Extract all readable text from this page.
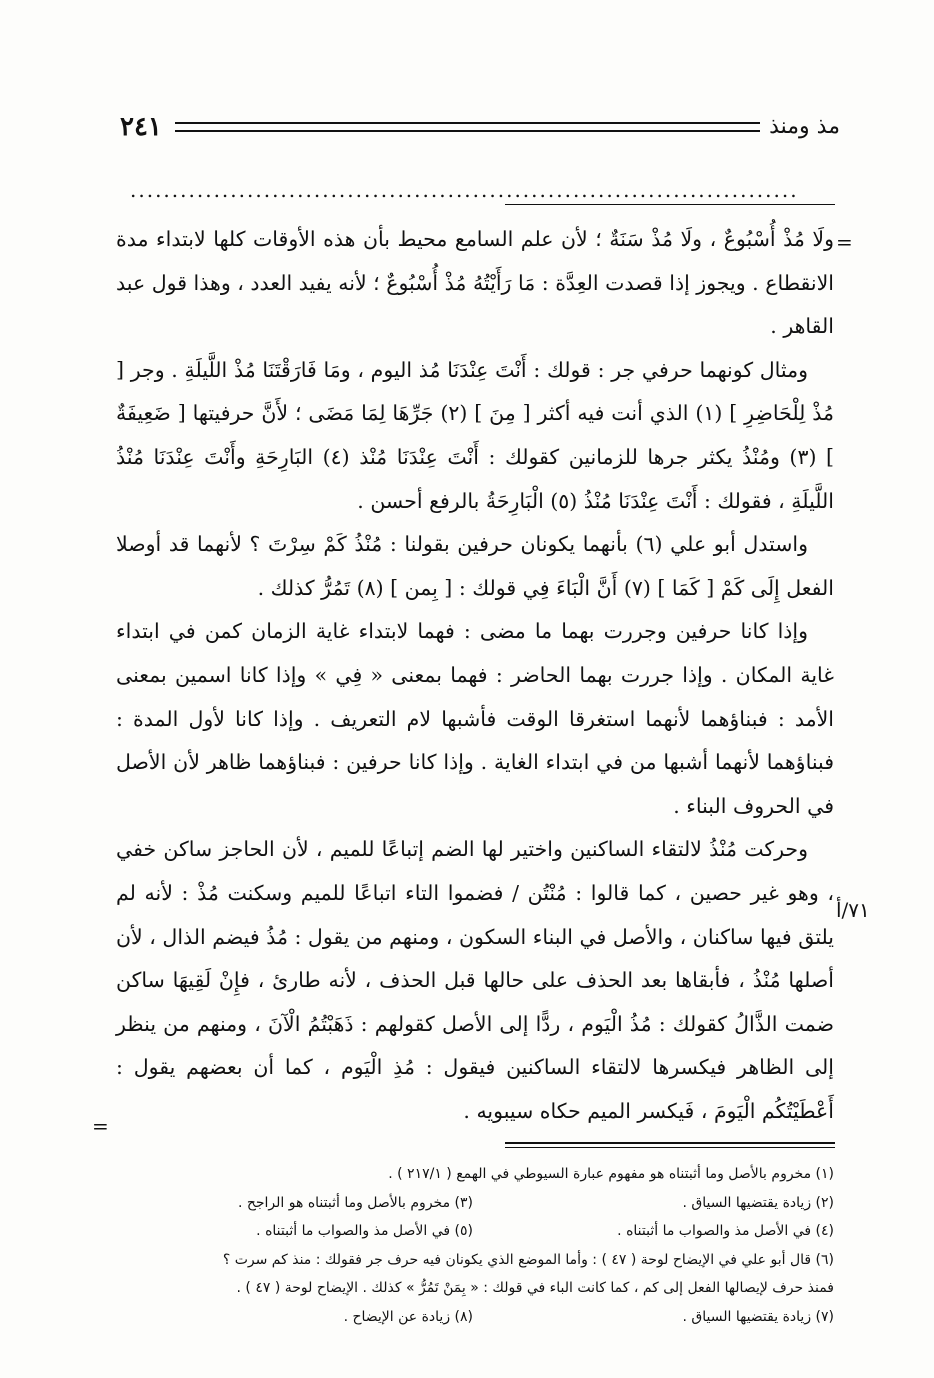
مذ ومنذ
٢٤١
................................................................................
=
٧١/أ
=

ولَا مُذْ أُسْبُوعٌ ، ولَا مُذْ سَنَةٌ ؛ لأن علم السامع محيط بأن هذه الأوقات كلها لابتداء مدة الانقطاع . ويجوز إذا قصدت العِدَّة : مَا رَأَيْتُهُ مُذْ أُسْبُوعٌ ؛ لأنه يفيد العدد ، وهذا قول عبد القاهر .

ومثال كونهما حرفي جر : قولك : أَنْتَ عِنْدَنَا مُذ اليوم ، ومَا فَارَقْتَنَا مُذْ اللَّيلَةِ . وجر [ مُذْ لِلْحَاضِرِ ] (١) الذي أنت فيه أكثر [ مِنَ ] (٢) جَرِّهَا لِمَا مَضَى ؛ لأَنَّ حرفيتها [ ضَعِيفَةٌ ] (٣) ومُنْذُ يكثر جرها للزمانين كقولك : أَنْتَ عِنْدَنَا مُنْذ (٤) البَارِحَةِ وأَنْتَ عِنْدَنَا مُنْذُ اللَّيلَةِ ، فقولك : أَنْتَ عِنْدَنَا مُنْذُ (٥) الْبَارِحَةُ بالرفع أحسن .

واستدل أبو علي (٦) بأنهما يكونان حرفين بقولنا : مُنْذُ كَمْ سِرْتَ ؟ لأنهما قد أوصلا الفعل إِلَى كَمْ [ كَمَا ] (٧) أَنَّ الْبَاءَ فِي قولك : [ بِمن ] (٨) تَمُرُّ كذلك .

وإذا كانا حرفين وجررت بهما ما مضى : فهما لابتداء غاية الزمان كمن في ابتداء غاية المكان . وإذا جررت بهما الحاضر : فهما بمعنى « فِي » وإذا كانا اسمين بمعنى الأمد : فبناؤهما لأنهما استغرقا الوقت فأشبها لام التعريف . وإذا كانا لأول المدة : فبناؤهما لأنهما أشبها من في ابتداء الغاية . وإذا كانا حرفين : فبناؤهما ظاهر لأن الأصل في الحروف البناء .

وحركت مُنْذُ لالتقاء الساكنين واختير لها الضم إتباعًا للميم ، لأن الحاجز ساكن خفي ، وهو غير حصين ، كما قالوا : مُنْتُن / فضموا التاء اتباعًا للميم وسكنت مُذْ : لأنه لم يلتق فيها ساكنان ، والأصل في البناء السكون ، ومنهم من يقول : مُذُ فيضم الذال ، لأن أصلها مُنْذُ ، فأبقاها بعد الحذف على حالها قبل الحذف ، لأنه طارئ ، فإِنْ لَقِيهَا ساكن ضمت الذَّالُ كقولك : مُذُ الْيَوم ، ردًّا إلى الأصل كقولهم : ذَهَبْتُمُ الْآنَ ، ومنهم من ينظر إلى الظاهر فيكسرها لالتقاء الساكنين فيقول : مُذِ الْيَوم ، كما أن بعضهم يقول : أَعْطَيْتُكُم الْيَومَ ، فَيكسر الميم حكاه سيبويه .

(١) مخروم بالأصل وما أثبتناه هو مفهوم عبارة السيوطي في الهمع ( ٢١٧/١ ) .
(٢) زيادة يقتضيها السياق .
(٣) مخروم بالأصل وما أثبتناه هو الراجح .
(٤) في الأصل مذ والصواب ما أثبتناه .
(٥) في الأصل مذ والصواب ما أثبتناه .
(٦) قال أبو علي في الإيضاح لوحة ( ٤٧ ) : وأما الموضع الذي يكونان فيه حرف جر فقولك : منذ كم سرت ؟
فمنذ حرف لإيصالها الفعل إلى كم ، كما كانت الباء في قولك : « بِمَنْ تَمُرُّ » كذلك . الإيضاح لوحة ( ٤٧ ) .
(٧) زيادة يقتضيها السياق .
(٨) زيادة عن الإيضاح .
